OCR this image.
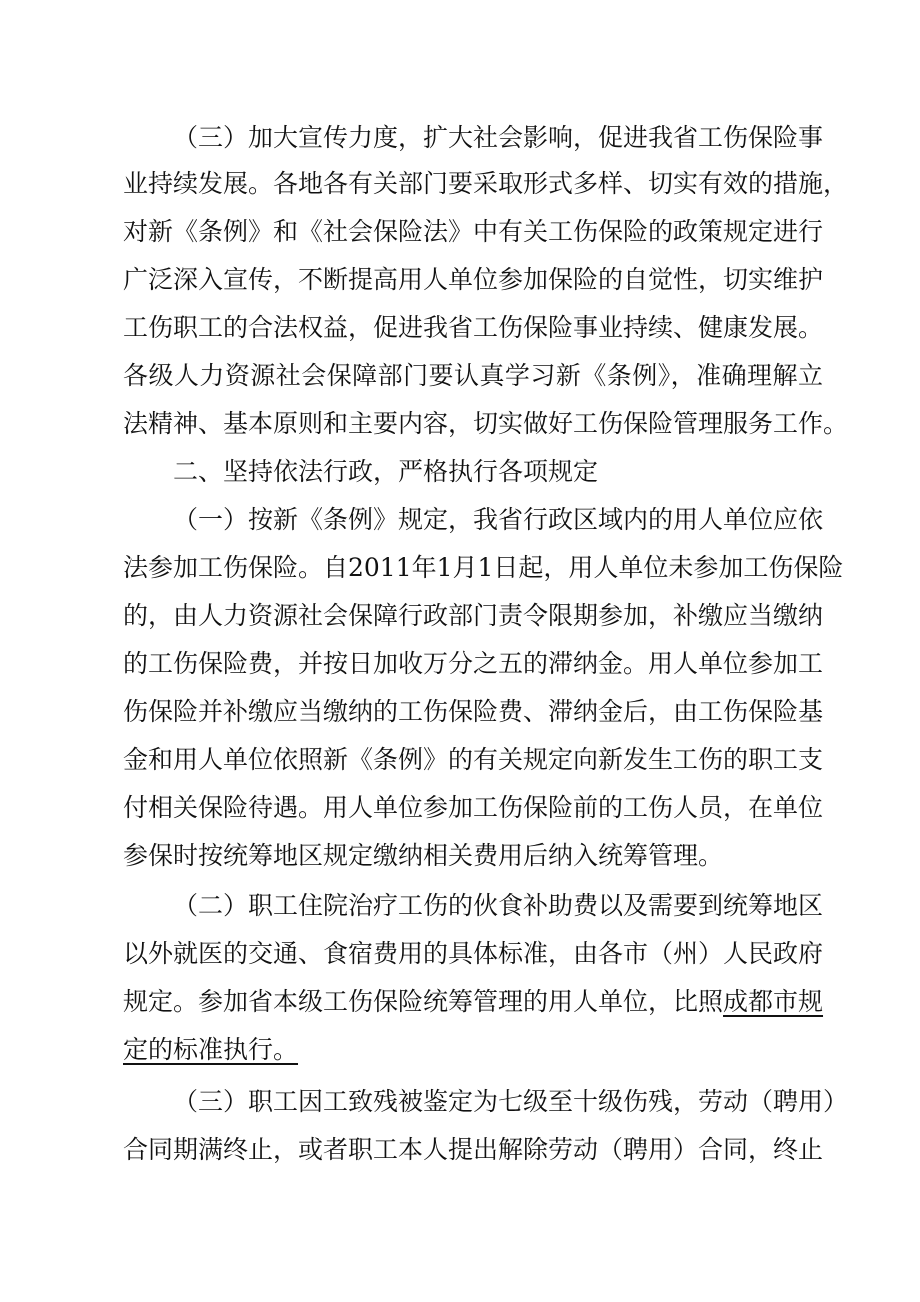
（三）加大宣传力度，扩大社会影响，促进我省工伤保险事
业持续发展。各地各有关部门要采取形式多样、切实有效的措施，
对新《条例》和《社会保险法》中有关工伤保险的政策规定进行
广泛深入宣传，不断提高用人单位参加保险的自觉性，切实维护
工伤职工的合法权益，促进我省工伤保险事业持续、健康发展。
各级人力资源社会保障部门要认真学习新《条例》，准确理解立
法精神、基本原则和主要内容，切实做好工伤保险管理服务工作。
二、坚持依法行政，严格执行各项规定
（一）按新《条例》规定，我省行政区域内的用人单位应依
法参加工伤保险。自2011年1月1日起，用人单位未参加工伤保险
的，由人力资源社会保障行政部门责令限期参加，补缴应当缴纳
的工伤保险费，并按日加收万分之五的滞纳金。用人单位参加工
伤保险并补缴应当缴纳的工伤保险费、滞纳金后，由工伤保险基
金和用人单位依照新《条例》的有关规定向新发生工伤的职工支
付相关保险待遇。用人单位参加工伤保险前的工伤人员，在单位
参保时按统筹地区规定缴纳相关费用后纳入统筹管理。
（二）职工住院治疗工伤的伙食补助费以及需要到统筹地区
以外就医的交通、食宿费用的具体标准，由各市（州）人民政府
规定。参加省本级工伤保险统筹管理的用人单位，比照成都市规
定的标准执行。
（三）职工因工致残被鉴定为七级至十级伤残，劳动（聘用）
合同期满终止，或者职工本人提出解除劳动（聘用）合同，终止
